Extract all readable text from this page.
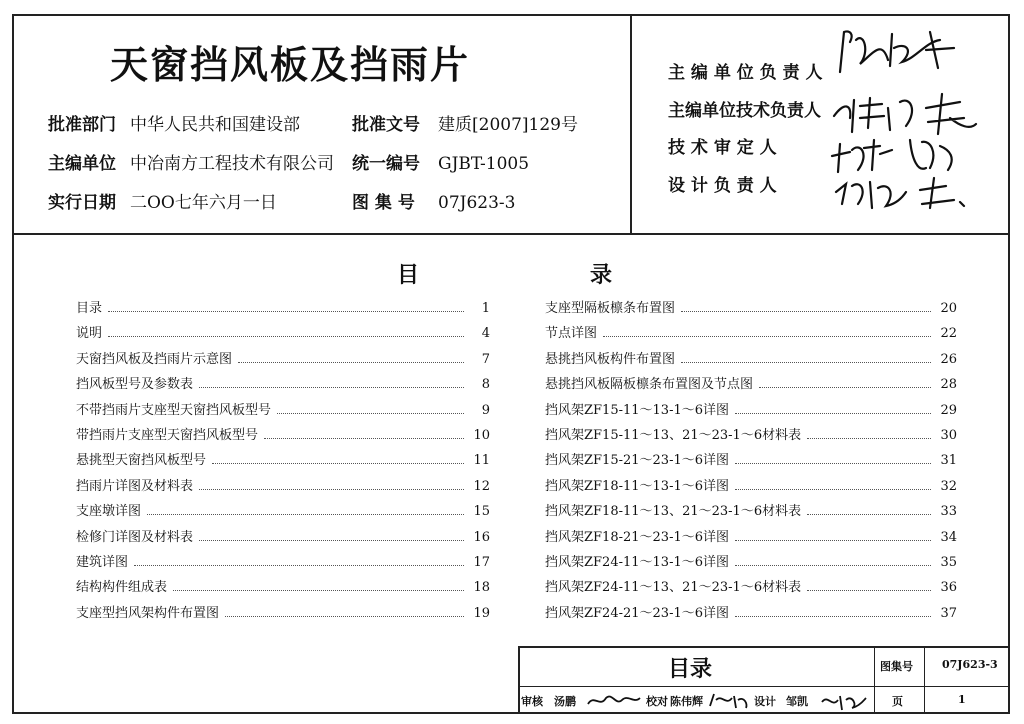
天窗挡风板及挡雨片
批准部门 中华人民共和国建设部	批准文号 建质[2007]129号
主编单位 中冶南方工程技术有限公司 统一编号 GJBT-1005
实行日期 二OO七年六月一日	图 集 号 07J623-3
主 编 单 位 负 责 人
主编单位技术负责人
技 术 审 定 人
设 计 负 责 人
目	录
目录	1
说明	4
天窗挡风板及挡雨片示意图	7
挡风板型号及参数表	8
不带挡雨片支座型天窗挡风板型号	9
带挡雨片支座型天窗挡风板型号	10
悬挑型天窗挡风板型号	11
挡雨片详图及材料表	12
支座墩详图	15
检修门详图及材料表	16
建筑详图	17
结构构件组成表	18
支座型挡风架构件布置图	19
支座型隔板檩条布置图	20
节点详图	22
悬挑挡风板构件布置图	26
悬挑挡风板隔板檩条布置图及节点图	28
挡风架ZF15-11～13-1～6详图	29
挡风架ZF15-11～13、21～23-1～6材料表	30
挡风架ZF15-21～23-1～6详图	31
挡风架ZF18-11～13-1～6详图	32
挡风架ZF18-11～13、21～23-1～6材料表	33
挡风架ZF18-21～23-1～6详图	34
挡风架ZF24-11～13-1～6详图	35
挡风架ZF24-11～13、21～23-1～6材料表	36
挡风架ZF24-21～23-1～6详图	37
目录	图集号	07J623-3
审核 汤鹏	校对 陈伟辉	设计 邹凯	页	1
